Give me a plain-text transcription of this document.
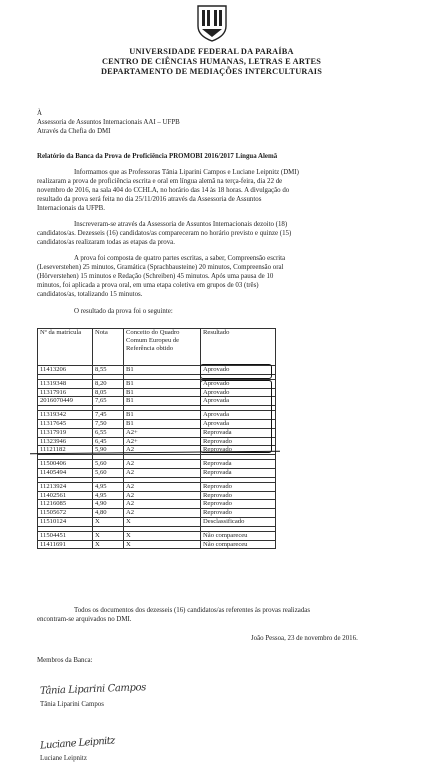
UNIVERSIDADE FEDERAL DA PARAÍBA
CENTRO DE CIÊNCIAS HUMANAS, LETRAS E ARTES
DEPARTAMENTO DE MEDIAÇÕES INTERCULTURAIS
À
Assessoria de Assuntos Internacionais AAI – UFPB
Através da Chefia do DMI
Relatório da Banca da Prova de Proficiência PROMOBI 2016/2017 Língua Alemã
Informamos que as Professoras Tânia Liparini Campos e Luciane Leipnitz (DMI)
realizaram a prova de proficiência escrita e oral em língua alemã na terça-feira, dia 22 de
novembro de 2016, na sala 404 do CCHLA, no horário das 14 às 18 horas. A divulgação do
resultado da prova será feita no dia 25/11/2016 através da Assessoria de Assuntos
Internacionais da UFPB.
Inscreveram-se através da Assessoria de Assuntos Internacionais dezoito (18)
candidatos/as. Dezesseis (16) candidatos/as compareceram no horário previsto e quinze (15)
candidatos/as realizaram todas as etapas da prova.
A prova foi composta de quatro partes escritas, a saber, Compreensão escrita
(Leseverstehen) 25 minutos, Gramática (Sprachbausteine) 20 minutos, Compreensão oral
(Hörverstehen) 15 minutos e Redação (Schreiben) 45 minutos. Após uma pausa de 10
minutos, foi aplicada a prova oral, em uma etapa coletiva em grupos de 03 (três)
candidatos/as, totalizando 15 minutos.
O resultado da prova foi o seguinte:
Nº da matrícula	Nota	Conceito do Quadro Comum Europeu de Referência obtido	Resultado
11413206	8,55	B1	Aprovado

11319348	8,20	B1	Aprovado
11317916	8,05	B1	Aprovado
2016070449	7,65	B1	Aprovada

11319342	7,45	B1	Aprovada
11317645	7,50	B1	Aprovada
11317919	6,55	A2+	Reprovada
11323946	6,45	A2+	Reprovado
11121182	5,90	A2	Reprovado

11500406	5,60	A2	Reprovada
11405494	5,60	A2	Reprovada

11213924	4,95	A2	Reprovado
11402561	4,95	A2	Reprovado
11216085	4,90	A2	Reprovado
11505672	4,80	A2	Reprovado
11510124	X	X	Desclassificado

11504451	X	X	Não compareceu
11411691	X	X	Não compareceu
Todos os documentos dos dezesseis (16) candidatos/as referentes às provas realizadas
encontram-se arquivados no DMI.
João Pessoa, 23 de novembro de 2016.
Membros da Banca:
Tânia Liparini Campos
Tânia Liparini Campos
Luciane Leipnitz
Luciane Leipnitz
